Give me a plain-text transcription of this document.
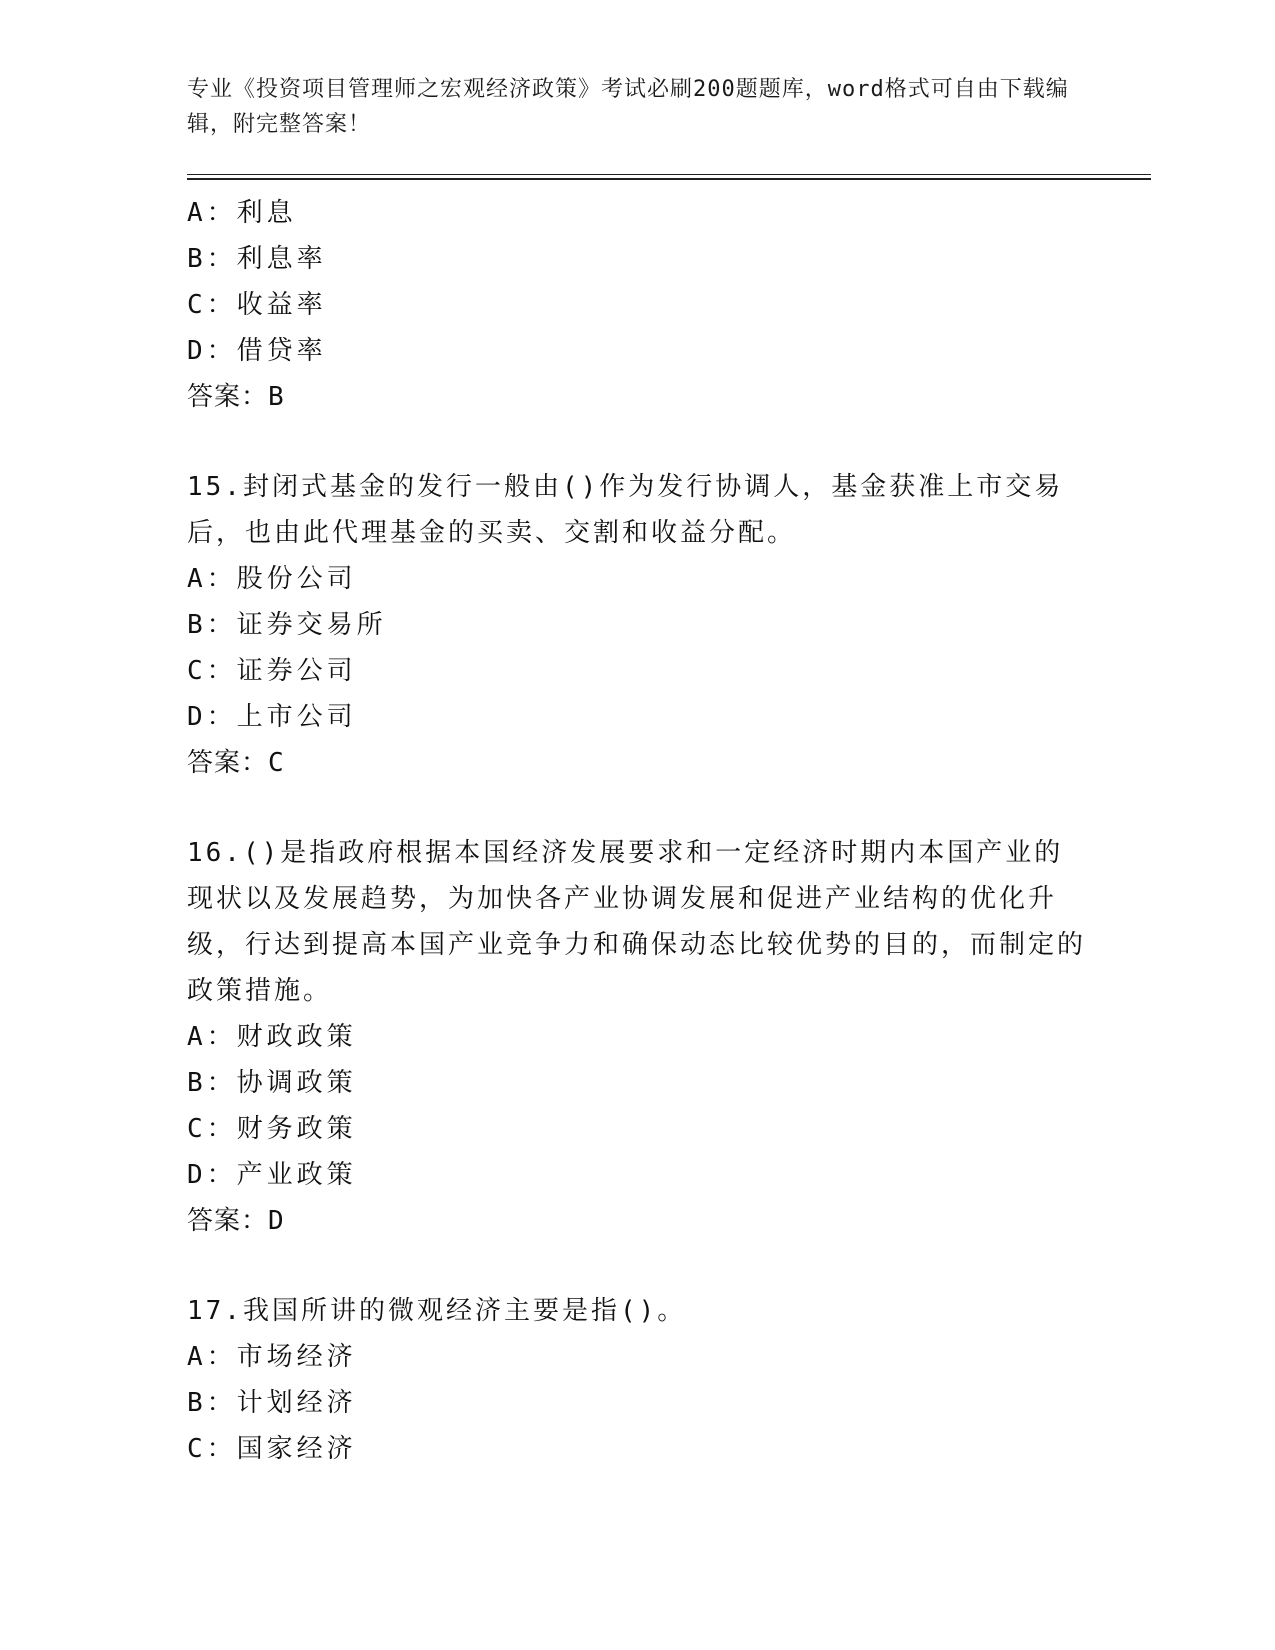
专业《投资项目管理师之宏观经济政策》考试必刷200题题库，word格式可自由下载编辑，附完整答案！
A：利息
B：利息率
C：收益率
D：借贷率
答案：B
15.封闭式基金的发行一般由()作为发行协调人，基金获准上市交易后，也由此代理基金的买卖、交割和收益分配。
A：股份公司
B：证券交易所
C：证券公司
D：上市公司
答案：C
16.()是指政府根据本国经济发展要求和一定经济时期内本国产业的现状以及发展趋势，为加快各产业协调发展和促进产业结构的优化升级，行达到提高本国产业竞争力和确保动态比较优势的目的，而制定的政策措施。
A：财政政策
B：协调政策
C：财务政策
D：产业政策
答案：D
17.我国所讲的微观经济主要是指()。
A：市场经济
B：计划经济
C：国家经济
